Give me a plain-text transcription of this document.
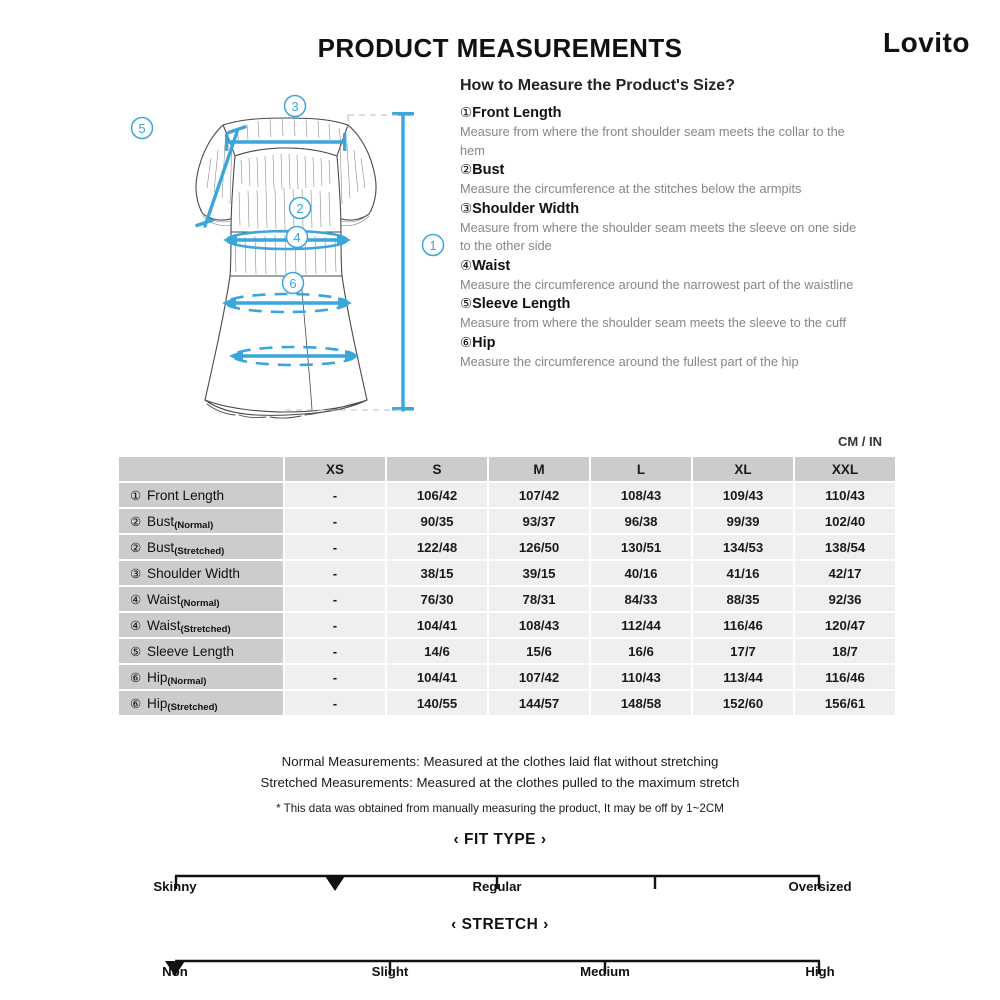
PRODUCT MEASUREMENTS	Lovito
How to Measure the Product's Size?
3
5
2
4
6
1
①Front Length
Measure from where the front shoulder seam meets the collar to the hem
②Bust
Measure the circumference at the stitches below the armpits
③Shoulder Width
Measure from where the shoulder seam meets the sleeve on one side to the other side
④Waist
Measure the circumference around the narrowest part of the waistline
⑤Sleeve Length
Measure from where the shoulder seam meets the sleeve to the cuff
⑥Hip
Measure the circumference around the fullest part of the hip
CM / IN
	XS	S	M	L	XL	XXL
① Front Length	-	106/42	107/42	108/43	109/43	110/43
② Bust(Normal)	-	90/35	93/37	96/38	99/39	102/40
② Bust(Stretched)	-	122/48	126/50	130/51	134/53	138/54
③ Shoulder Width	-	38/15	39/15	40/16	41/16	42/17
④ Waist(Normal)	-	76/30	78/31	84/33	88/35	92/36
④ Waist(Stretched)	-	104/41	108/43	112/44	116/46	120/47
⑤ Sleeve Length	-	14/6	15/6	16/6	17/7	18/7
⑥ Hip(Normal)	-	104/41	107/42	110/43	113/44	116/46
⑥ Hip(Stretched)	-	140/55	144/57	148/58	152/60	156/61
Normal Measurements: Measured at the clothes laid flat without stretching
Stretched Measurements: Measured at the clothes pulled to the maximum stretch
* This data was obtained from manually measuring the product, It may be off by 1~2CM
‹ FIT TYPE ›
Skinny	Regular	Oversized
‹ STRETCH ›
Non	Slight	Medium	High
